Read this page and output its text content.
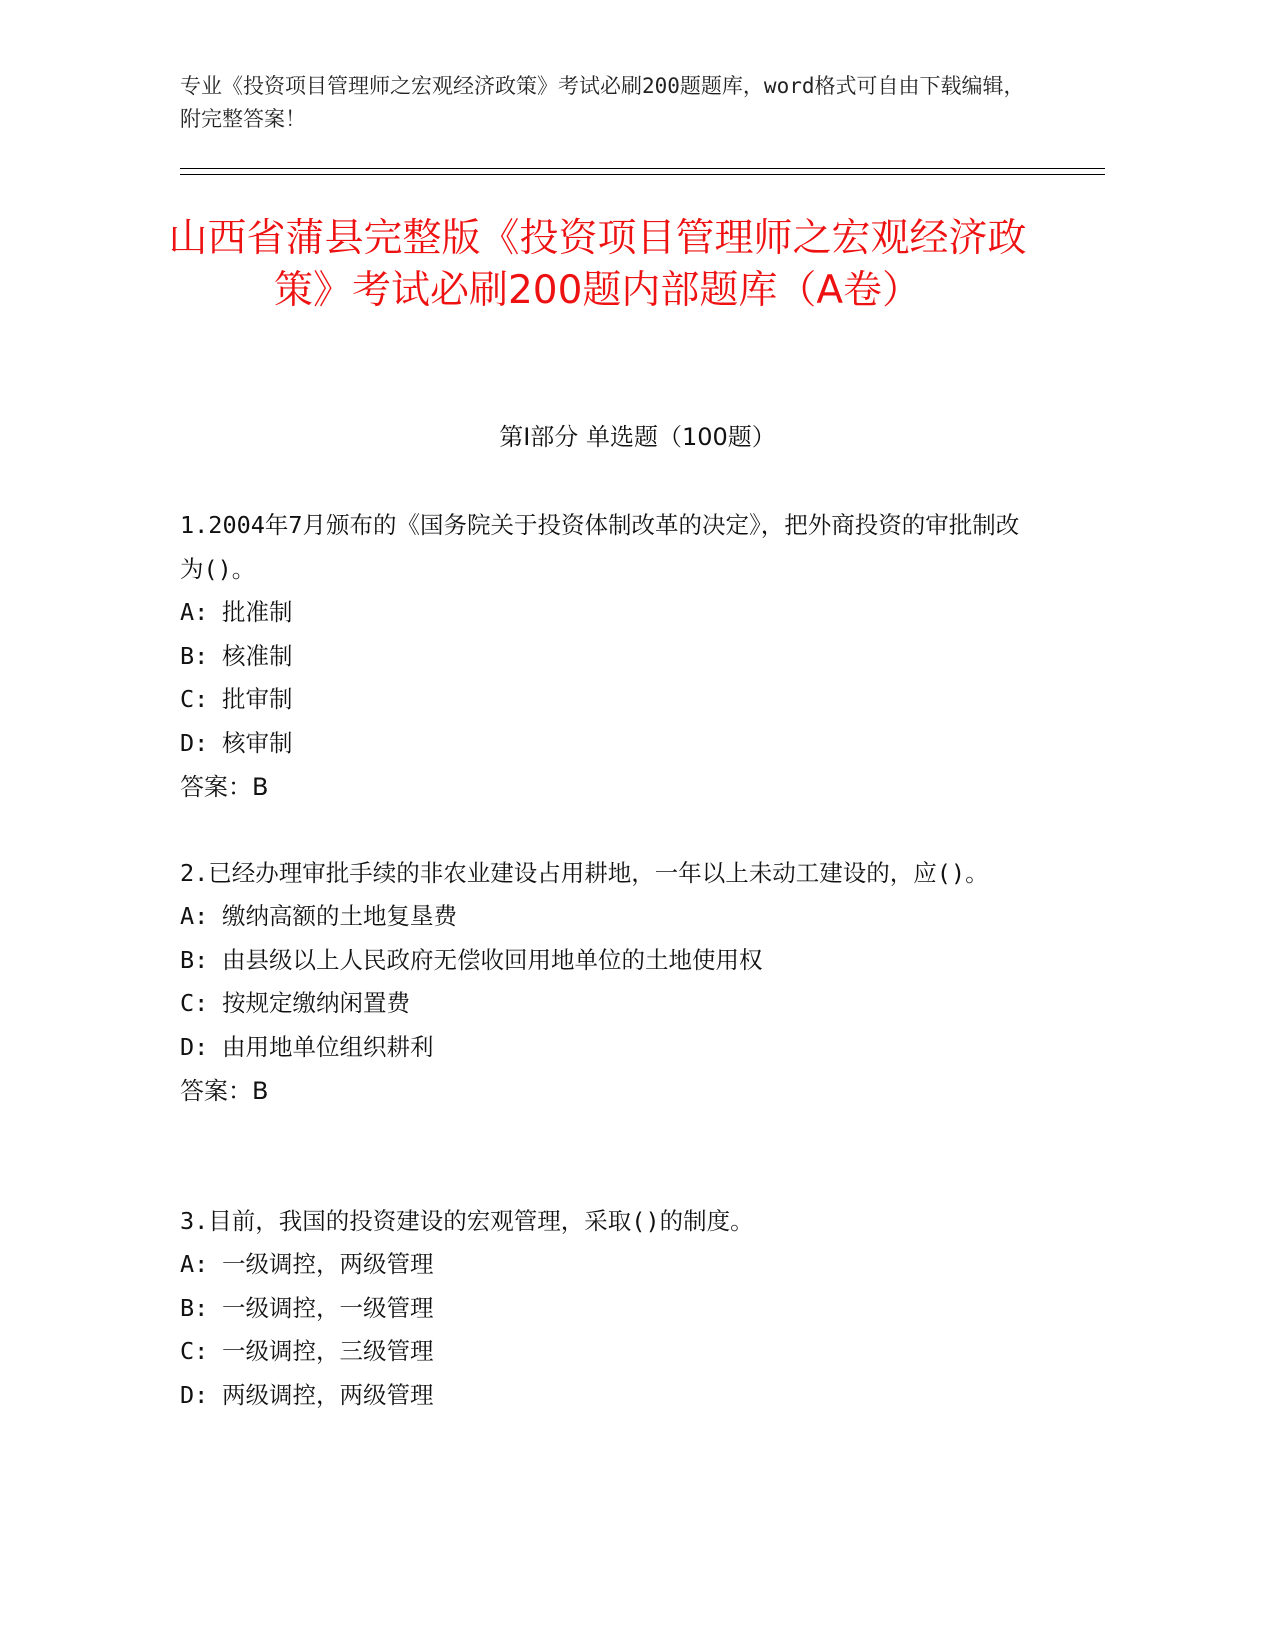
专业《投资项目管理师之宏观经济政策》考试必刷200题题库，word格式可自由下载编辑，附完整答案！

山西省蒲县完整版《投资项目管理师之宏观经济政策》考试必刷200题内部题库（A卷）
第I部分 单选题（100题）

1.2004年7月颁布的《国务院关于投资体制改革的决定》，把外商投资的审批制改为()。

A: 批准制

B: 核准制

C: 批审制

D: 核审制

答案：B

2.已经办理审批手续的非农业建设占用耕地，一年以上未动工建设的，应()。

A: 缴纳高额的土地复垦费

B: 由县级以上人民政府无偿收回用地单位的土地使用权

C: 按规定缴纳闲置费

D: 由用地单位组织耕利

答案：B

3.目前，我国的投资建设的宏观管理，采取()的制度。

A: 一级调控，两级管理

B: 一级调控，一级管理

C: 一级调控，三级管理

D: 两级调控，两级管理
